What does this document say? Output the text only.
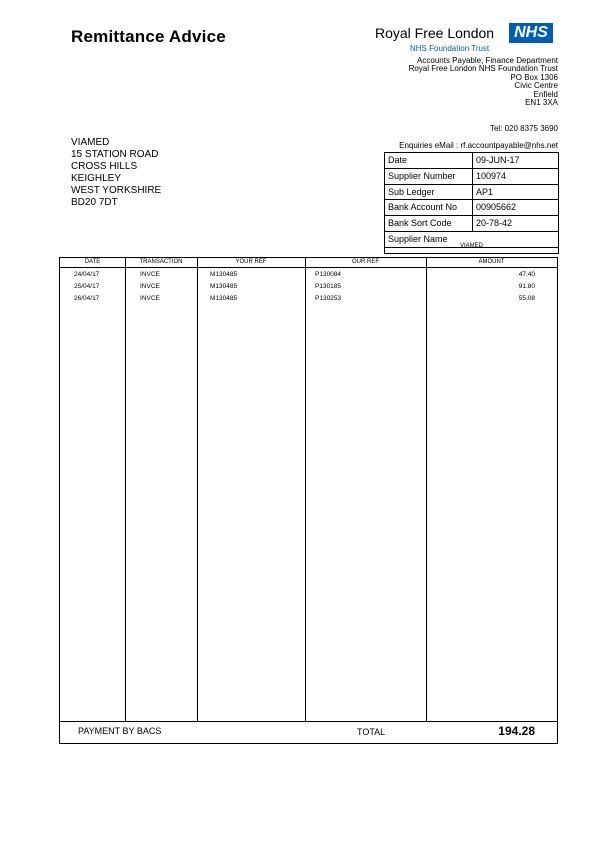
Remittance Advice	Royal Free London	NHS
NHS Foundation Trust
Accounts Payable, Finance Department
Royal Free London NHS Foundation Trust
PO Box 1306
Civic Centre
Enfield
EN1 3XA
Tel: 020 8375 3690
Enquiries eMail : rf.accountpayable@nhs.net
VIAMED
15 STATION ROAD
CROSS HILLS
KEIGHLEY
WEST YORKSHIRE
BD20 7DT
Date	09-JUN-17
Supplier Number	100974
Sub Ledger	AP1
Bank Account No	00905662
Bank Sort Code	20-78-42
Supplier Name
VIAMED
DATE	TRANSACTION	YOUR REF	OUR REF	AMOUNT
24/04/17	INVCE	M130485	P130084	47.40
25/04/17	INVCE	M130485	P130185	91.80
26/04/17	INVCE	M130485	P130253	55.08
PAYMENT BY BACS	TOTAL	194.28
